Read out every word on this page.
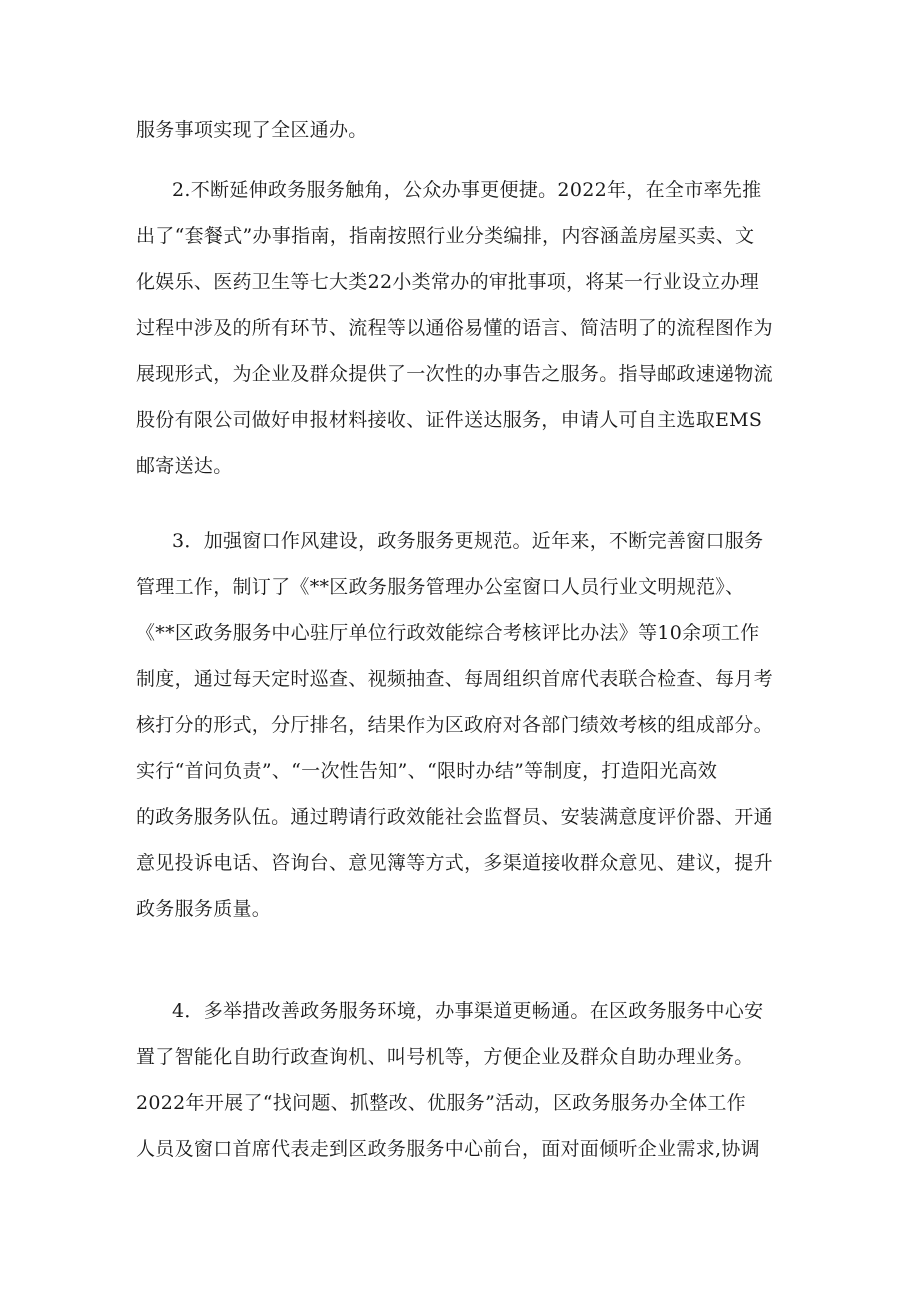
服务事项实现了全区通办。
2.不断延伸政务服务触角，公众办事更便捷。2022年，在全市率先推
出了“套餐式”办事指南，指南按照行业分类编排，内容涵盖房屋买卖、文
化娱乐、医药卫生等七大类22小类常办的审批事项，将某一行业设立办理
过程中涉及的所有环节、流程等以通俗易懂的语言、简洁明了的流程图作为
展现形式，为企业及群众提供了一次性的办事告之服务。指导邮政速递物流
股份有限公司做好申报材料接收、证件送达服务，申请人可自主选取EMS
邮寄送达。
3．加强窗口作风建设，政务服务更规范。近年来，不断完善窗口服务
管理工作，制订了《**区政务服务管理办公室窗口人员行业文明规范》、
《**区政务服务中心驻厅单位行政效能综合考核评比办法》等10余项工作
制度，通过每天定时巡查、视频抽查、每周组织首席代表联合检查、每月考
核打分的形式，分厅排名，结果作为区政府对各部门绩效考核的组成部分。
实行“首问负责”、“一次性告知”、“限时办结”等制度，打造阳光高效
的政务服务队伍。通过聘请行政效能社会监督员、安装满意度评价器、开通
意见投诉电话、咨询台、意见簿等方式，多渠道接收群众意见、建议，提升
政务服务质量。
4．多举措改善政务服务环境，办事渠道更畅通。在区政务服务中心安
置了智能化自助行政查询机、叫号机等，方便企业及群众自助办理业务。
2022年开展了“找问题、抓整改、优服务”活动，区政务服务办全体工作
人员及窗口首席代表走到区政务服务中心前台，面对面倾听企业需求,协调
